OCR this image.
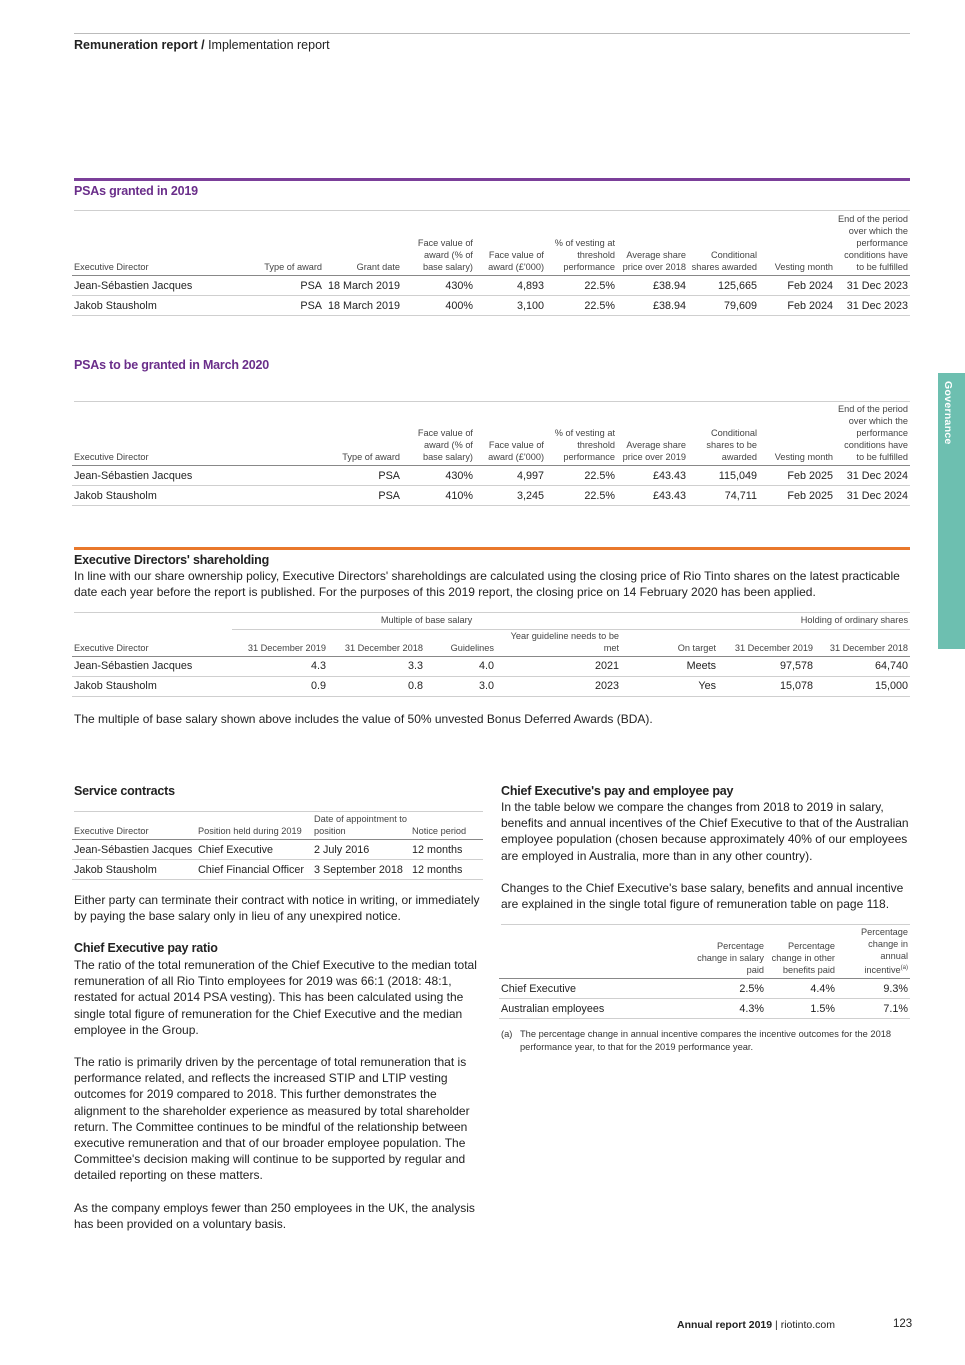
Remuneration report / Implementation report
Governance
PSAs granted in 2019
Executive Director	Type of award	Grant date	Face value of award (% of base salary)	Face value of award (£'000)	% of vesting at threshold performance	Average share price over 2018	Conditional shares awarded	Vesting month	End of the period over which the performance conditions have to be fulfilled
Jean-Sébastien Jacques	PSA	18 March 2019	430%	4,893	22.5%	£38.94	125,665	Feb 2024	31 Dec 2023
Jakob Stausholm	PSA	18 March 2019	400%	3,100	22.5%	£38.94	79,609	Feb 2024	31 Dec 2023
PSAs to be granted in March 2020
Executive Director	Type of award	Face value of award (% of base salary)	Face value of award (£'000)	% of vesting at threshold performance	Average share price over 2019	Conditional shares to be awarded	Vesting month	End of the period over which the performance conditions have to be fulfilled
Jean-Sébastien Jacques	PSA	430%	4,997	22.5%	£43.43	115,049	Feb 2025	31 Dec 2024
Jakob Stausholm	PSA	410%	3,245	22.5%	£43.43	74,711	Feb 2025	31 Dec 2024
Executive Directors' shareholding
In line with our share ownership policy, Executive Directors' shareholdings are calculated using the closing price of Rio Tinto shares on the latest practicable date each year before the report is published. For the purposes of this 2019 report, the closing price on 14 February 2020 has been applied.
	Multiple of base salary					Holding of ordinary shares	
Executive Director	31 December 2019	31 December 2018	Guidelines	Year guideline needs to be met	On target	31 December 2019	31 December 2018
Jean-Sébastien Jacques	4.3	3.3	4.0	2021	Meets	97,578	64,740
Jakob Stausholm	0.9	0.8	3.0	2023	Yes	15,078	15,000
The multiple of base salary shown above includes the value of 50% unvested Bonus Deferred Awards (BDA).
Service contracts
Executive Director	Position held during 2019	Date of appointment to position	Notice period
Jean-Sébastien Jacques	Chief Executive	2 July 2016	12 months
Jakob Stausholm	Chief Financial Officer	3 September 2018	12 months
Either party can terminate their contract with notice in writing, or immediately by paying the base salary only in lieu of any unexpired notice.
Chief Executive pay ratio
The ratio of the total remuneration of the Chief Executive to the median total remuneration of all Rio Tinto employees for 2019 was 66:1 (2018: 48:1, restated for actual 2014 PSA vesting). This has been calculated using the single total figure of remuneration for the Chief Executive and the median employee in the Group.
The ratio is primarily driven by the percentage of total remuneration that is performance related, and reflects the increased STIP and LTIP vesting outcomes for 2019 compared to 2018. This further demonstrates the alignment to the shareholder experience as measured by total shareholder return. The Committee continues to be mindful of the relationship between executive remuneration and that of our broader employee population. The Committee's decision making will continue to be supported by regular and detailed reporting on these matters.
As the company employs fewer than 250 employees in the UK, the analysis has been provided on a voluntary basis.
Chief Executive's pay and employee pay
In the table below we compare the changes from 2018 to 2019 in salary, benefits and annual incentives of the Chief Executive to that of the Australian employee population (chosen because approximately 40% of our employees are employed in Australia, more than in any other country).
Changes to the Chief Executive's base salary, benefits and annual incentive are explained in the single total figure of remuneration table on page 118.
	Percentage change in salary paid	Percentage change in other benefits paid	Percentage change in annual incentive$^{(a)}$
Chief Executive	2.5%	4.4%	9.3%
Australian employees	4.3%	1.5%	7.1%
(a) The percentage change in annual incentive compares the incentive outcomes for the 2018 performance year, to that for the 2019 performance year.
Annual report 2019 | riotinto.com	123
